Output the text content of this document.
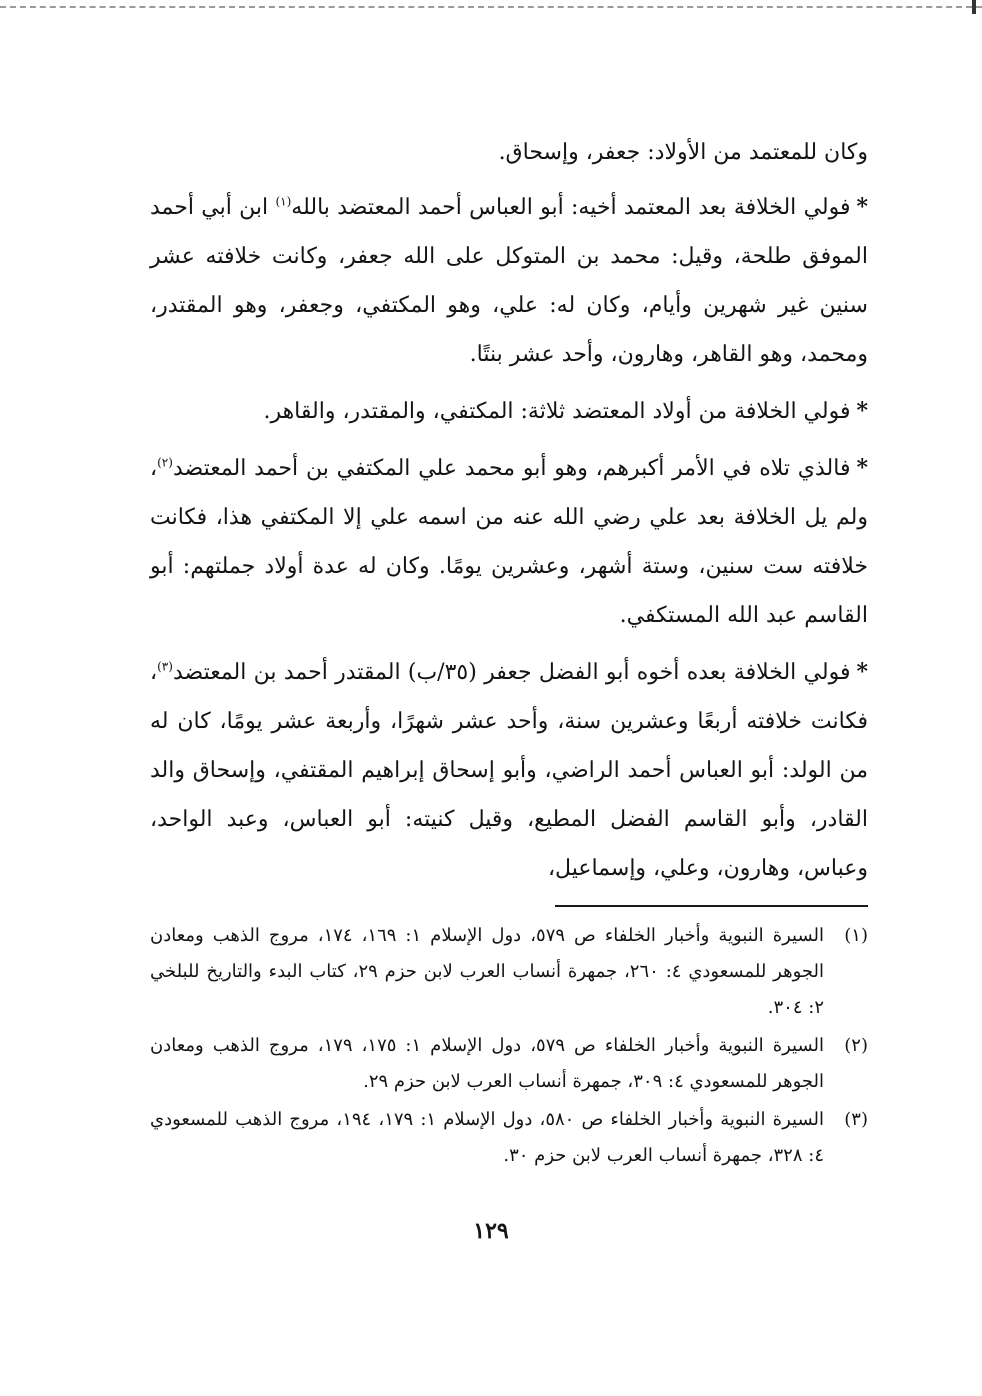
وكان للمعتمد من الأولاد: جعفر، وإسحاق.

*فولي الخلافة بعد المعتمد أخيه: أبو العباس أحمد المعتضد بالله$^{(١)}$ ابن أبي أحمد الموفق طلحة، وقيل: محمد بن المتوكل على الله جعفر، وكانت خلافته عشر سنين غير شهرين وأيام، وكان له: علي، وهو المكتفي، وجعفر، وهو المقتدر، ومحمد، وهو القاهر، وهارون، وأحد عشر بنتًا.

*فولي الخلافة من أولاد المعتضد ثلاثة: المكتفي، والمقتدر، والقاهر.

*فالذي تلاه في الأمر أكبرهم، وهو أبو محمد علي المكتفي بن أحمد المعتضد$^{(٢)}$، ولم يل الخلافة بعد علي رضي الله عنه من اسمه علي إلا المكتفي هذا، فكانت خلافته ست سنين، وستة أشهر، وعشرين يومًا. وكان له عدة أولاد جملتهم: أبو القاسم عبد الله المستكفي.

*فولي الخلافة بعده أخوه أبو الفضل جعفر (٣٥/ب) المقتدر أحمد بن المعتضد$^{(٣)}$، فكانت خلافته أربعًا وعشرين سنة، وأحد عشر شهرًا، وأربعة عشر يومًا، كان له من الولد: أبو العباس أحمد الراضي، وأبو إسحاق إبراهيم المقتفي، وإسحاق والد القادر، وأبو القاسم الفضل المطيع، وقيل كنيته: أبو العباس، وعبد الواحد، وعباس، وهارون، وعلي، وإسماعيل،

(١)
السيرة النبوية وأخبار الخلفاء ص ٥٧٩، دول الإسلام ١: ١٦٩، ١٧٤، مروج الذهب ومعادن الجوهر للمسعودي ٤: ٢٦٠، جمهرة أنساب العرب لابن حزم ٢٩، كتاب البدء والتاريخ للبلخي ٢: ٣٠٤.

(٢)
السيرة النبوية وأخبار الخلفاء ص ٥٧٩، دول الإسلام ١: ١٧٥، ١٧٩، مروج الذهب ومعادن الجوهر للمسعودي ٤: ٣٠٩، جمهرة أنساب العرب لابن حزم ٢٩.

(٣)
السيرة النبوية وأخبار الخلفاء ص ٥٨٠، دول الإسلام ١: ١٧٩، ١٩٤، مروج الذهب للمسعودي ٤: ٣٢٨، جمهرة أنساب العرب لابن حزم ٣٠.

١٢٩
